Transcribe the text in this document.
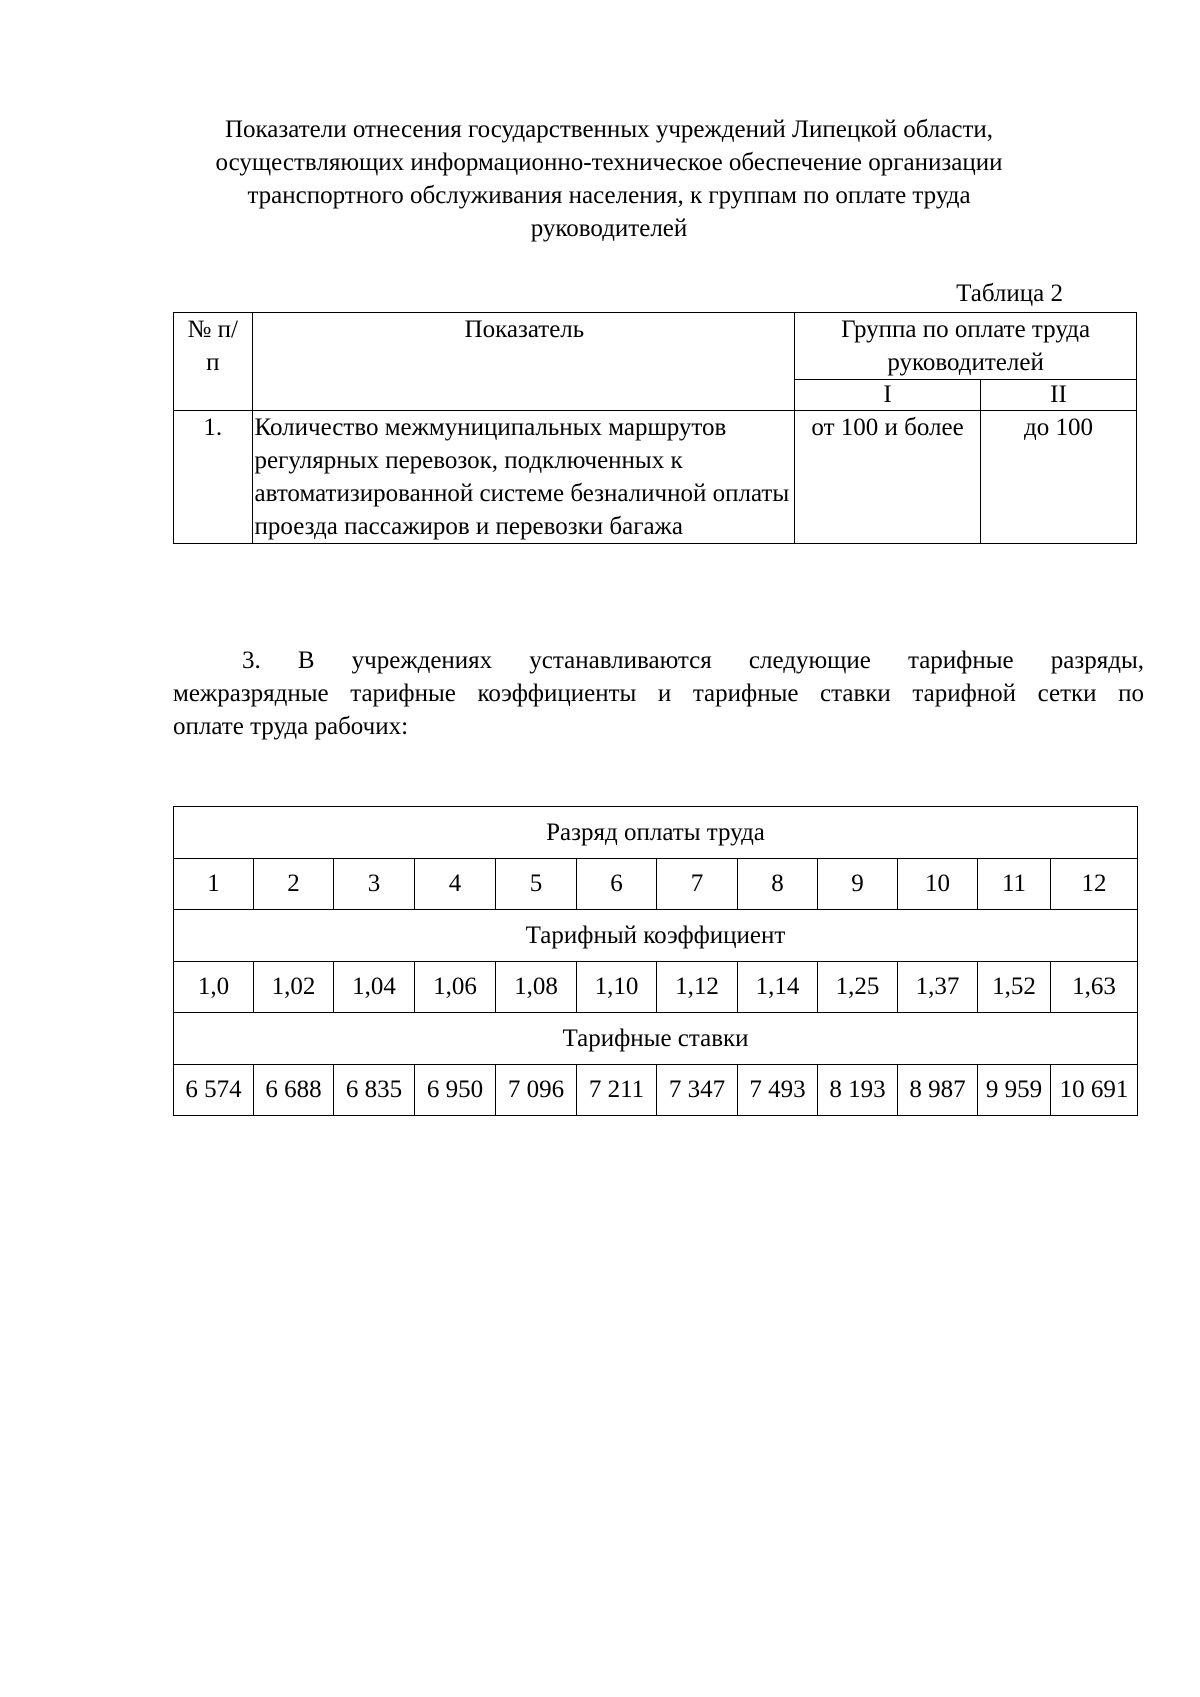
Показатели отнесения государственных учреждений Липецкой области,
осуществляющих информационно-техническое обеспечение организации
транспортного обслуживания населения, к группам по оплате труда
руководителей
Таблица 2
№ п/п	Показатель	Группа по оплате труда руководителей	
		I	II
1.	Количество межмуниципальных маршрутов регулярных перевозок, подключенных к автоматизированной системе безналичной оплаты проезда пассажиров и перевозки багажа	от 100 и более	до 100
3. В учреждениях устанавливаются следующие тарифные разряды,
межразрядные тарифные коэффициенты и тарифные ставки тарифной сетки по
оплате труда рабочих:
Разряд оплаты труда											
1	2	3	4	5	6	7	8	9	10	11	12
Тарифный коэффициент											
1,0	1,02	1,04	1,06	1,08	1,10	1,12	1,14	1,25	1,37	1,52	1,63
Тарифные ставки											
6 574	6 688	6 835	6 950	7 096	7 211	7 347	7 493	8 193	8 987	9 959	10 691
